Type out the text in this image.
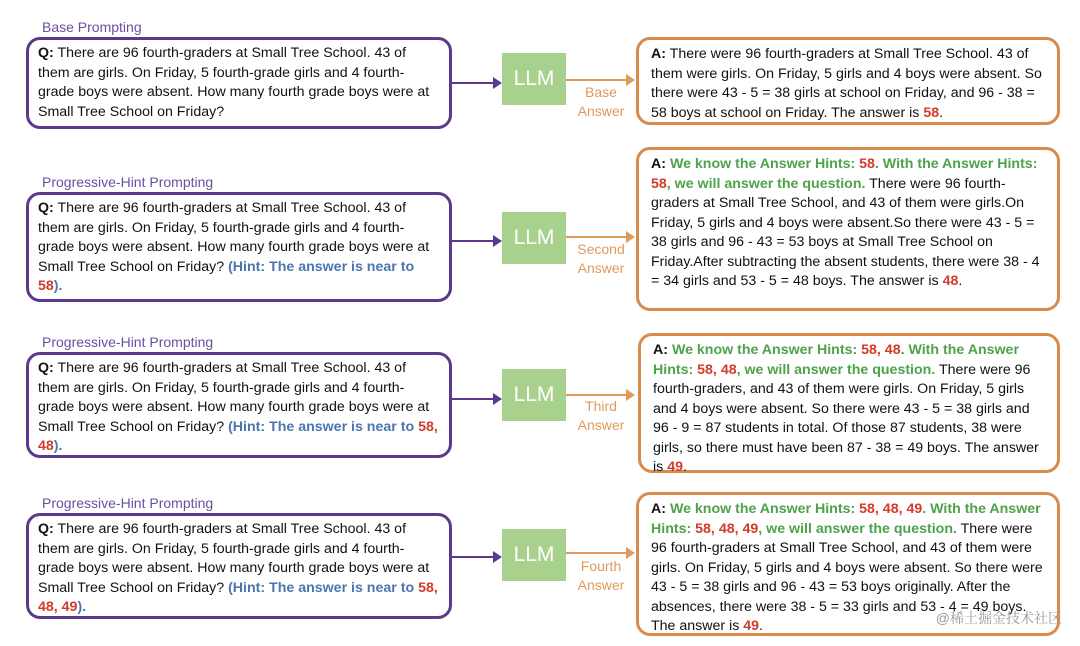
Base Prompting
Q: There are 96 fourth-graders at Small Tree School. 43 of them are girls. On Friday, 5 fourth-grade girls and 4 fourth-grade boys were absent. How many fourth grade boys were at Small Tree School on Friday?
LLM
Base
Answer
A: There were 96 fourth-graders at Small Tree School. 43 of them were girls. On Friday, 5 girls and 4 boys were absent. So there were 43 - 5 = 38 girls at school on Friday, and 96 - 38 = 58 boys at school on Friday. The answer is 58.
Progressive-Hint Prompting
Q: There are 96 fourth-graders at Small Tree School. 43 of them are girls. On Friday, 5 fourth-grade girls and 4 fourth-grade boys were absent. How many fourth grade boys were at Small Tree School on Friday? (Hint: The answer is near to 58).
LLM	Second
Answer
A: We know the Answer Hints: 58. With the Answer Hints: 58, we will answer the question. There were 96 fourth-graders at Small Tree School, and 43 of them were girls.On Friday, 5 girls and 4 boys were absent.So there were 43 - 5 = 38 girls and 96 - 43 = 53 boys at Small Tree School on Friday.After subtracting the absent students, there were 38 - 4 = 34 girls and 53 - 5 = 48 boys. The answer is 48.
Progressive-Hint Prompting
Q: There are 96 fourth-graders at Small Tree School. 43 of them are girls. On Friday, 5 fourth-grade girls and 4 fourth-grade boys were absent. How many fourth grade boys were at Small Tree School on Friday? (Hint: The answer is near to 58, 48).
LLM	Third
Answer
A: We know the Answer Hints: 58, 48. With the Answer Hints: 58, 48, we will answer the question. There were 96 fourth-graders, and 43 of them were girls. On Friday, 5 girls and 4 boys were absent. So there were 43 - 5 = 38 girls and 96 - 9 = 87 students in total. Of those 87 students, 38 were girls, so there must have been 87 - 38 = 49 boys. The answer is 49.
Progressive-Hint Prompting
Q: There are 96 fourth-graders at Small Tree School. 43 of them are girls. On Friday, 5 fourth-grade girls and 4 fourth-grade boys were absent. How many fourth grade boys were at Small Tree School on Friday? (Hint: The answer is near to 58, 48, 49).
LLM	Fourth
Answer
A: We know the Answer Hints: 58, 48, 49. With the Answer Hints: 58, 48, 49, we will answer the question. There were 96 fourth-graders at Small Tree School, and 43 of them were girls. On Friday, 5 girls and 4 boys were absent. So there were 43 - 5 = 38 girls and 96 - 43 = 53 boys originally. After the absences, there were 38 - 5 = 33 girls and 53 - 4 = 49 boys. The answer is 49.	@稀土掘金技术社区
